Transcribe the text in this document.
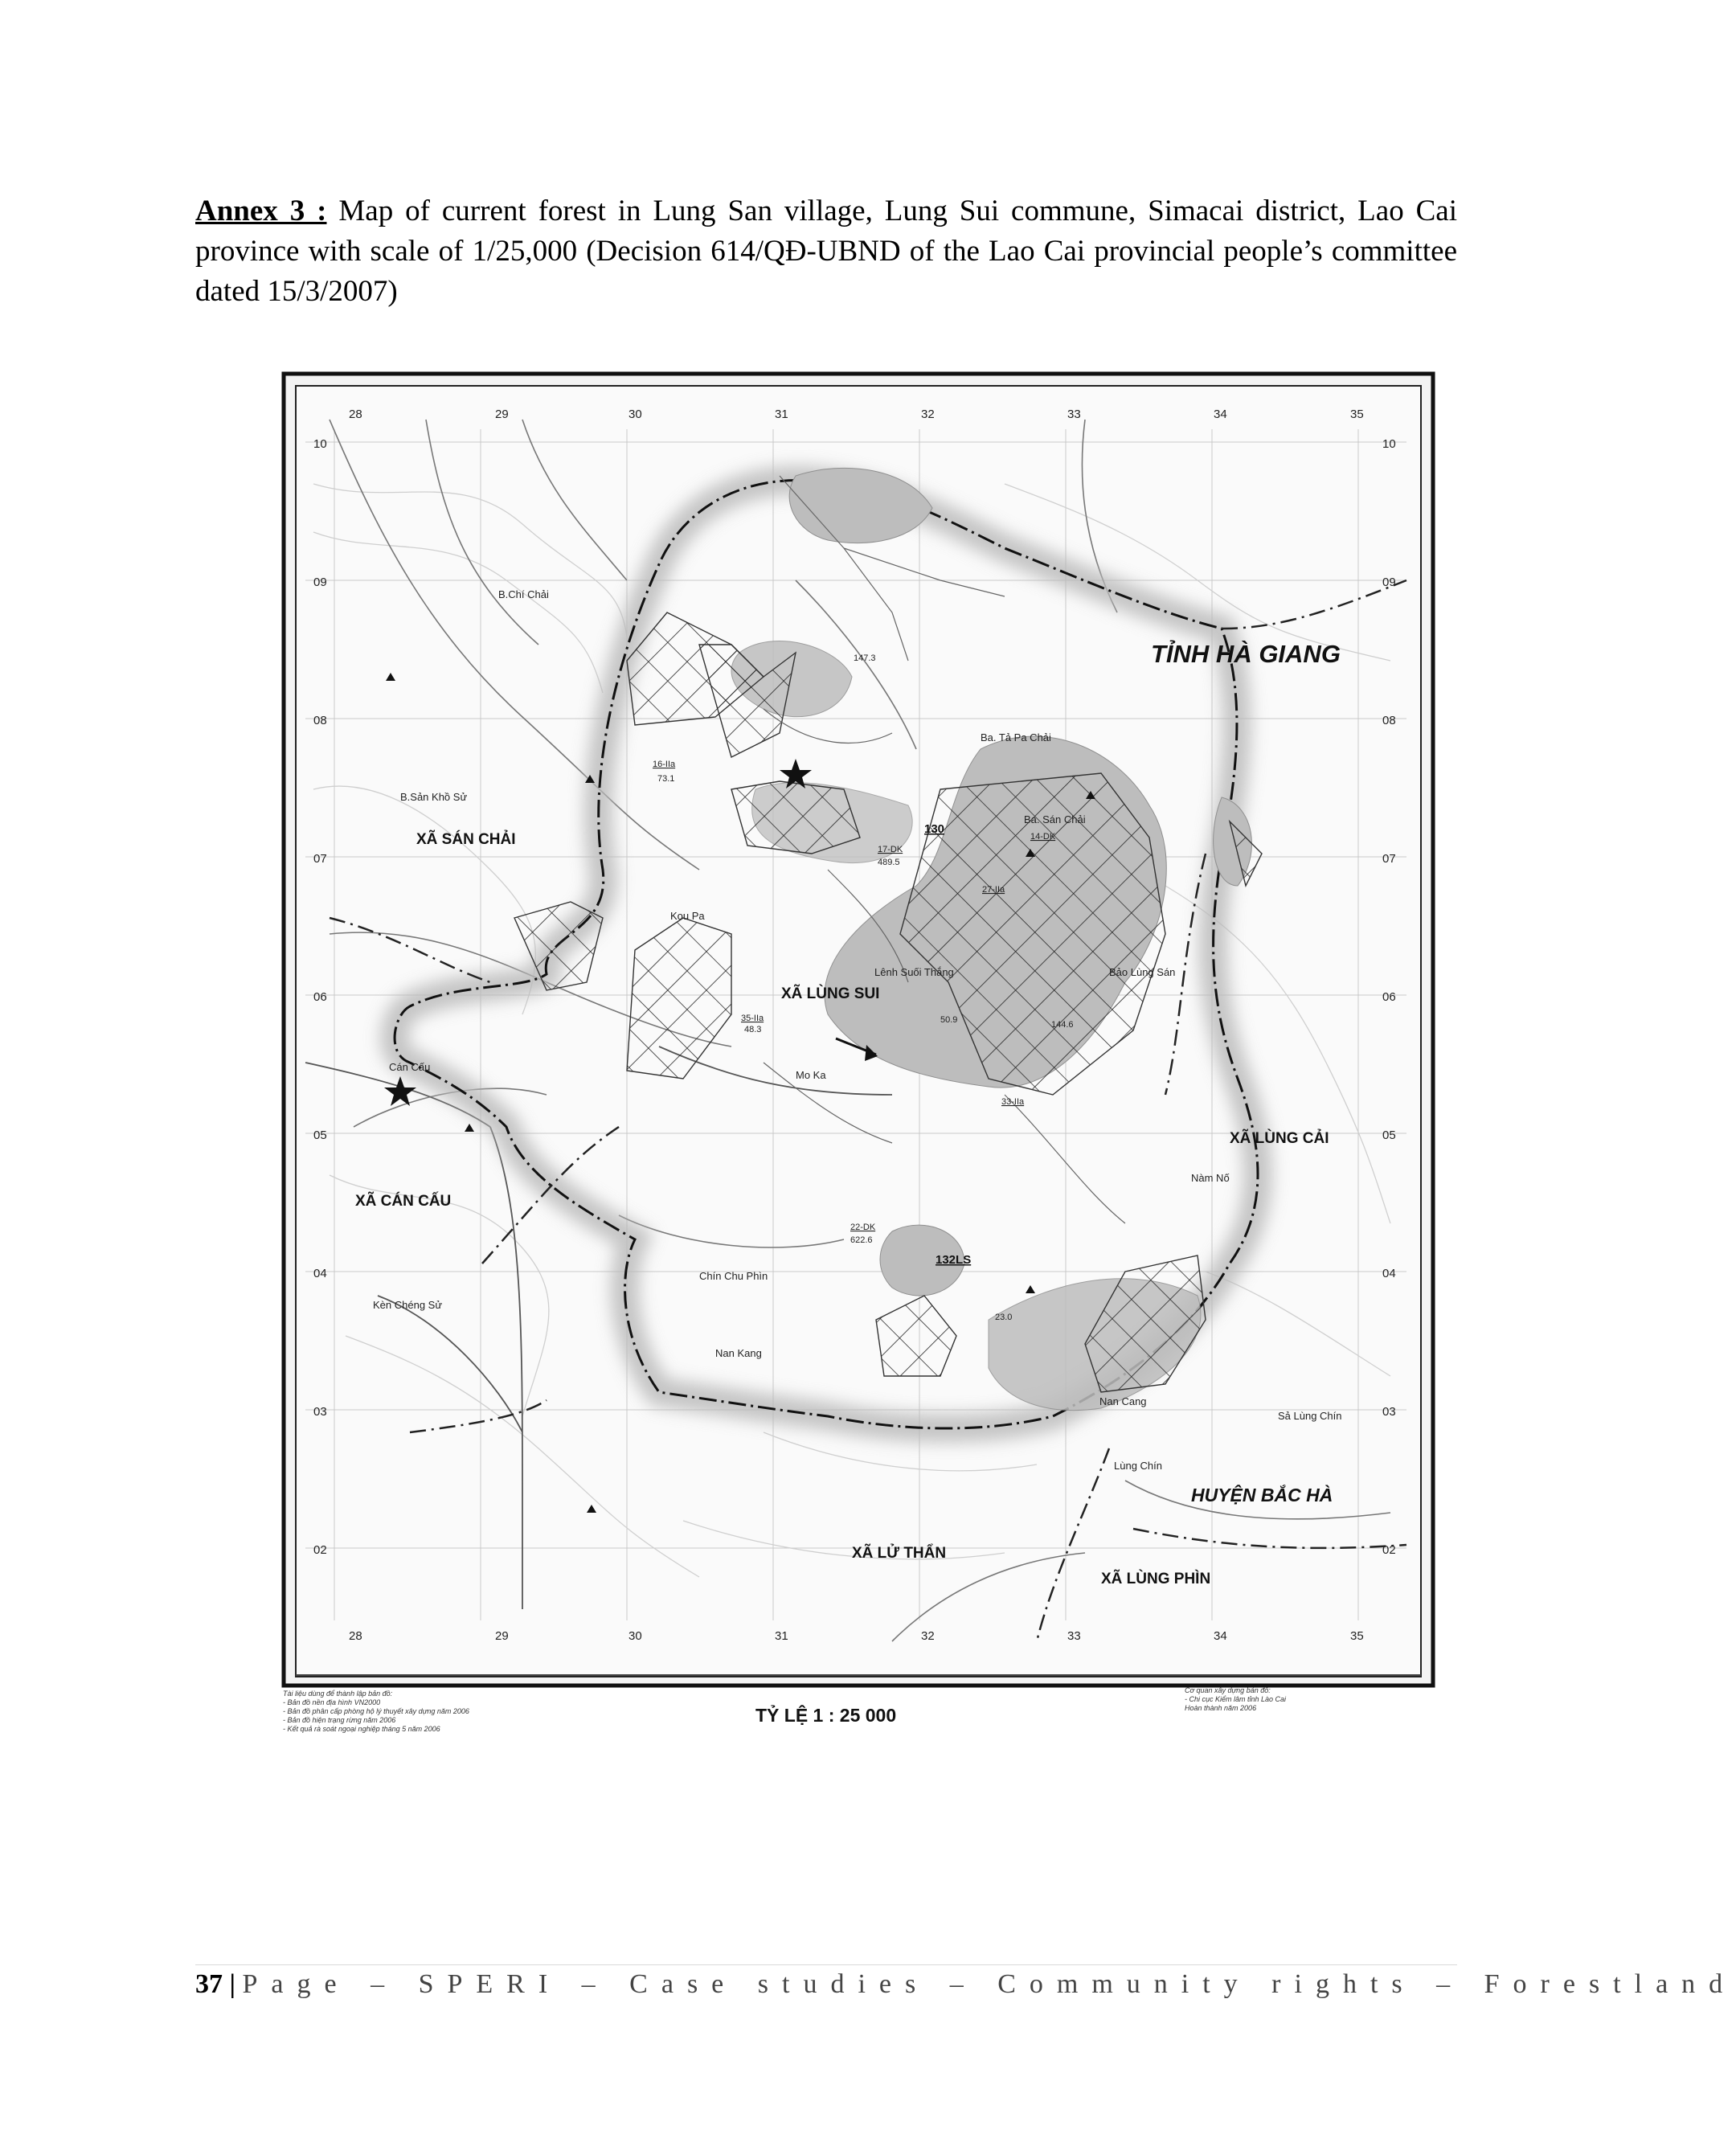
Annex 3 : Map of current forest in Lung San village, Lung Sui commune, Simacai district, Lao Cai province with scale of 1/25,000 (Decision 614/QĐ-UBND of the Lao Cai provincial people’s committee dated 15/3/2007)
28	29	30	31	32	33	34	35
28	29	30	31	32	33	34	35
10
09
08
07
06
05
04
03
02
10
09
08
07
06
05
04
03
02
TỈNH HÀ GIANG
XÃ SÁN CHẢI
XÃ LÙNG SUI
XÃ LÙNG CẢI
XÃ CÁN CẤU
XÃ LỬ THẨN
XÃ LÙNG PHÌN
HUYỆN BẮC HÀ
B.Chí Chải
B.Sản Khồ Sử
Ba. Tả Pa Chải
Ba. Sán Chải
Kou Pa
Lênh Suối Thắng	Bảo Lùng Sán
Cán Cấu
Mo Ka
Nàm Nố
Kèn Chéng Sử
Chín Chu Phìn
Nan Kang
Nan Cang
Sả Lùng Chín
Lùng Chín
130
132LS
17-DK
489.5
22-DK
622.6
14-DK
144.6
27-IIa
147.3
16-IIa
73.1
35-IIa
48.3
50.9
33-IIa
23.0
TỶ LỆ 1 : 25 000
Tài liệu dùng để thành lập bản đồ:
- Bản đồ nền địa hình VN2000
- Bản đồ phân cấp phòng hộ lý thuyết xây dựng năm 2006
- Bản đồ hiện trạng rừng năm 2006
- Kết quả rà soát ngoại nghiệp tháng 5 năm 2006
Cơ quan xây dựng bản đồ:
- Chi cục Kiểm lâm tỉnh Lào Cai
Hoàn thành năm 2006
37 | Page – SPERI – Case studies – Community rights – Forestland
